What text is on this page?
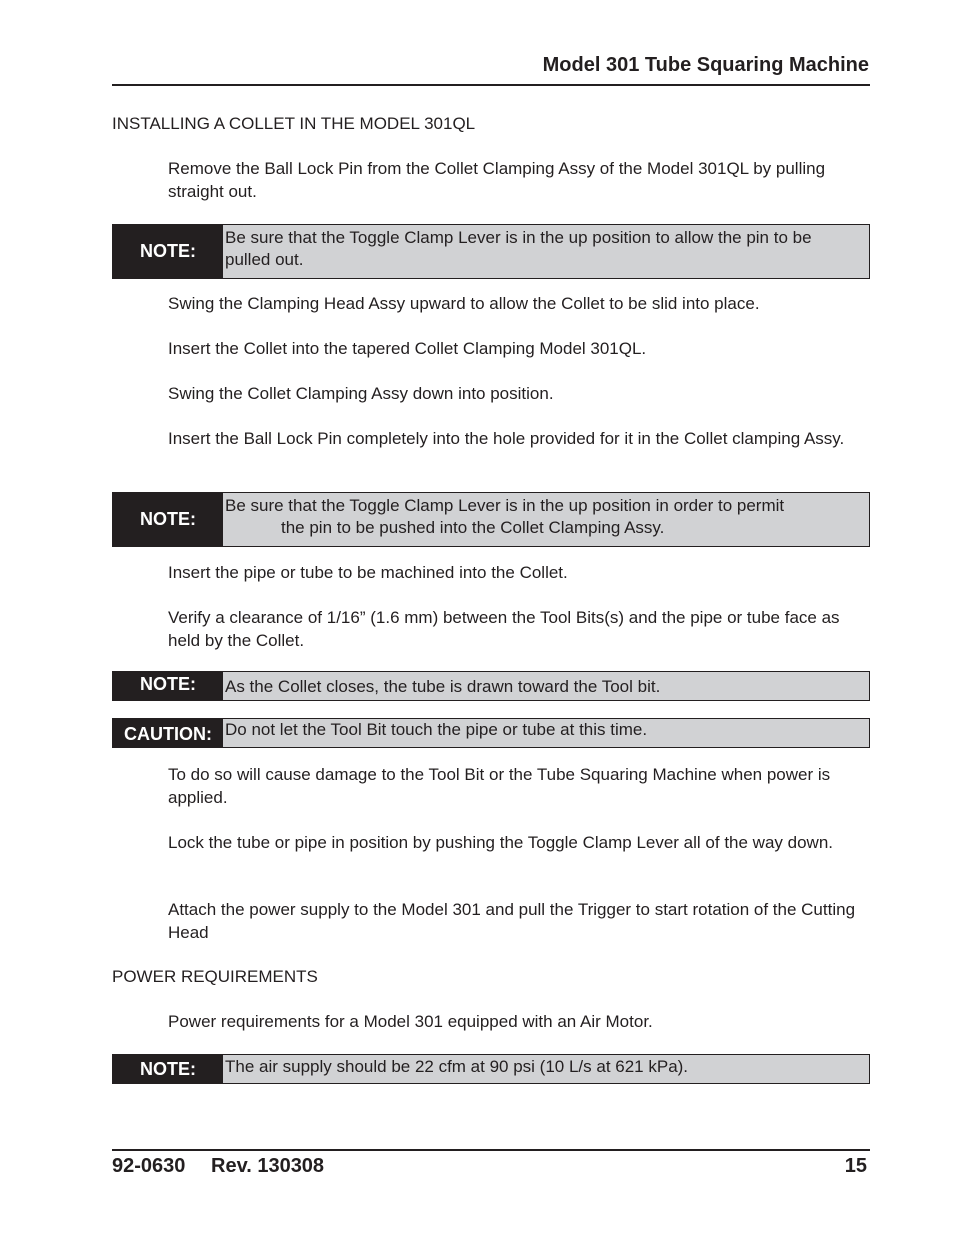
Model 301 Tube Squaring Machine
INSTALLING A COLLET IN THE MODEL 301QL
Remove the Ball Lock Pin from the Collet Clamping Assy of the Model 301QL by pulling straight out.
NOTE:
Be sure that the Toggle Clamp Lever is in the up position to allow the pin to be pulled out.
Swing the Clamping Head Assy upward to allow the Collet to be slid into place.
Insert the Collet into the tapered Collet Clamping Model 301QL.
Swing the Collet Clamping Assy down into position.
Insert the Ball Lock Pin completely into the hole provided for it in the Collet clamping Assy.
NOTE:
Be sure that the Toggle Clamp Lever is in the up position in order to permit
the pin to be pushed into the Collet Clamping Assy.
Insert the pipe or tube to be machined into the Collet.
Verify a clearance of 1/16” (1.6 mm) between the Tool Bits(s) and the pipe or tube face as held by the Collet.
NOTE:	As the Collet closes, the tube is drawn toward the Tool bit.
CAUTION: Do not let the Tool Bit touch the pipe or tube at this time.
To do so will cause damage to the Tool Bit or the Tube Squaring Machine when power is applied.
Lock the tube or pipe in position by pushing the Toggle Clamp Lever all of the way down.
Attach the power supply to the Model 301 and pull the Trigger to start rotation of the Cutting Head
POWER REQUIREMENTS
Power requirements for a Model 301 equipped with an Air Motor.
NOTE:	The air supply should be 22 cfm at 90 psi (10 L/s at 621 kPa).
92-0630 Rev. 130308	15
